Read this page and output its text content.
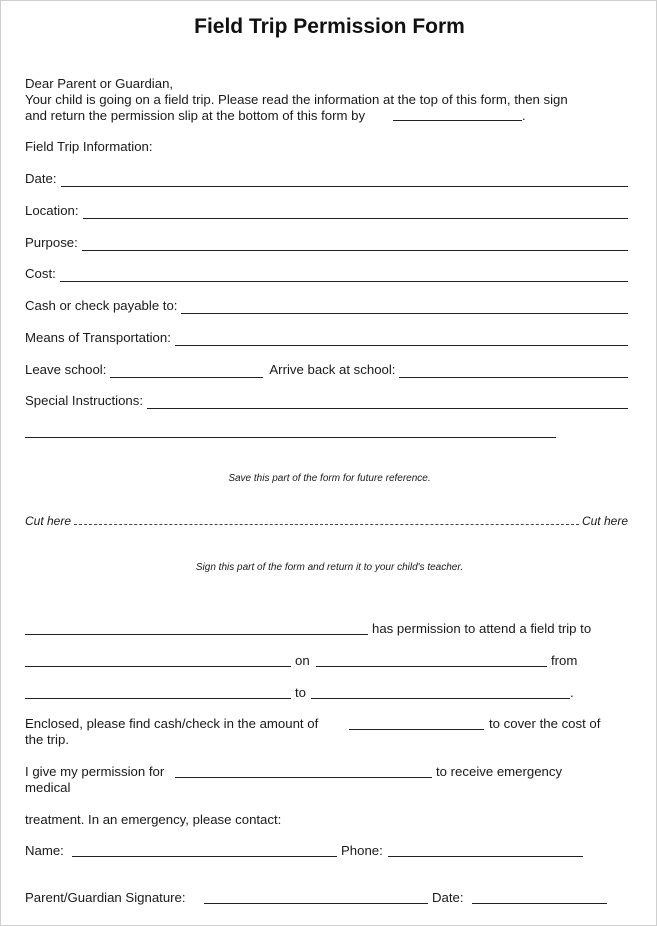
Field Trip Permission Form
Dear Parent or Guardian,
Your child is going on a field trip. Please read the information at the top of this form, then sign
and return the permission slip at the bottom of this form by	.
Field Trip Information:
Date:
Location:
Purpose:
Cost:
Cash or check payable to:
Means of Transportation:
Leave school:	Arrive back at school:
Special Instructions:
Save this part of the form for future reference.
Cut here	Cut here
Sign this part of the form and return it to your child's teacher.
has permission to attend a field trip to
on	from
to	.
Enclosed, please find cash/check in the amount of	to cover the cost of
the trip.
I give my permission for	to receive emergency
medical
treatment. In an emergency, please contact:
Name:	Phone:
Parent/Guardian Signature:	Date:
